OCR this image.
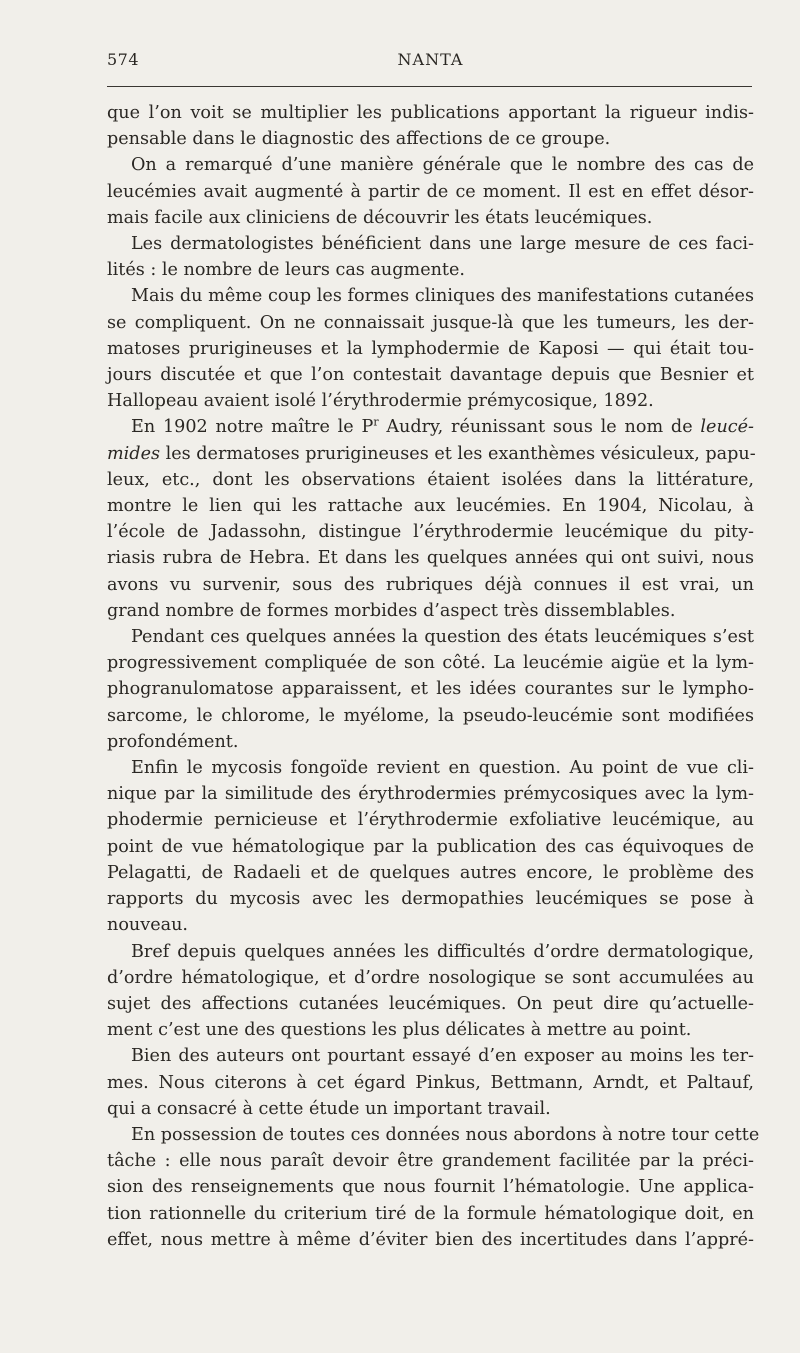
574	NANTA
que l’on voit se multiplier les publications apportant la rigueur indis-
pensable dans le diagnostic des affections de ce groupe.
On a remarqué d’une manière générale que le nombre des cas de
leucémies avait augmenté à partir de ce moment. Il est en effet désor-
mais facile aux cliniciens de découvrir les états leucémiques.
Les dermatologistes bénéficient dans une large mesure de ces faci-
lités : le nombre de leurs cas augmente.
Mais du même coup les formes cliniques des manifestations cutanées
se compliquent. On ne connaissait jusque-là que les tumeurs, les der-
matoses prurigineuses et la lymphodermie de Kaposi — qui était tou-
jours discutée et que l’on contestait davantage depuis que Besnier et
Hallopeau avaient isolé l’érythrodermie prémycosique, 1892.
En 1902 notre maître le $P^r$ Audry, réunissant sous le nom de leucé-
mides les dermatoses prurigineuses et les exanthèmes vésiculeux, papu-
leux, etc., dont les observations étaient isolées dans la littérature,
montre le lien qui les rattache aux leucémies. En 1904, Nicolau, à
l’école de Jadassohn, distingue l’érythrodermie leucémique du pity-
riasis rubra de Hebra. Et dans les quelques années qui ont suivi, nous
avons vu survenir, sous des rubriques déjà connues il est vrai, un
grand nombre de formes morbides d’aspect très dissemblables.
Pendant ces quelques années la question des états leucémiques s’est
progressivement compliquée de son côté. La leucémie aigüe et la lym-
phogranulomatose apparaissent, et les idées courantes sur le lympho-
sarcome, le chlorome, le myélome, la pseudo-leucémie sont modifiées
profondément.
Enfin le mycosis fongoïde revient en question. Au point de vue cli-
nique par la similitude des érythrodermies prémycosiques avec la lym-
phodermie pernicieuse et l’érythrodermie exfoliative leucémique, au
point de vue hématologique par la publication des cas équivoques de
Pelagatti, de Radaeli et de quelques autres encore, le problème des
rapports du mycosis avec les dermopathies leucémiques se pose à
nouveau.
Bref depuis quelques années les difficultés d’ordre dermatologique,
d’ordre hématologique, et d’ordre nosologique se sont accumulées au
sujet des affections cutanées leucémiques. On peut dire qu’actuelle-
ment c’est une des questions les plus délicates à mettre au point.
Bien des auteurs ont pourtant essayé d’en exposer au moins les ter-
mes. Nous citerons à cet égard Pinkus, Bettmann, Arndt, et Paltauf,
qui a consacré à cette étude un important travail.
En possession de toutes ces données nous abordons à notre tour cette
tâche : elle nous paraît devoir être grandement facilitée par la préci-
sion des renseignements que nous fournit l’hématologie. Une applica-
tion rationnelle du criterium tiré de la formule hématologique doit, en
effet, nous mettre à même d’éviter bien des incertitudes dans l’appré-
